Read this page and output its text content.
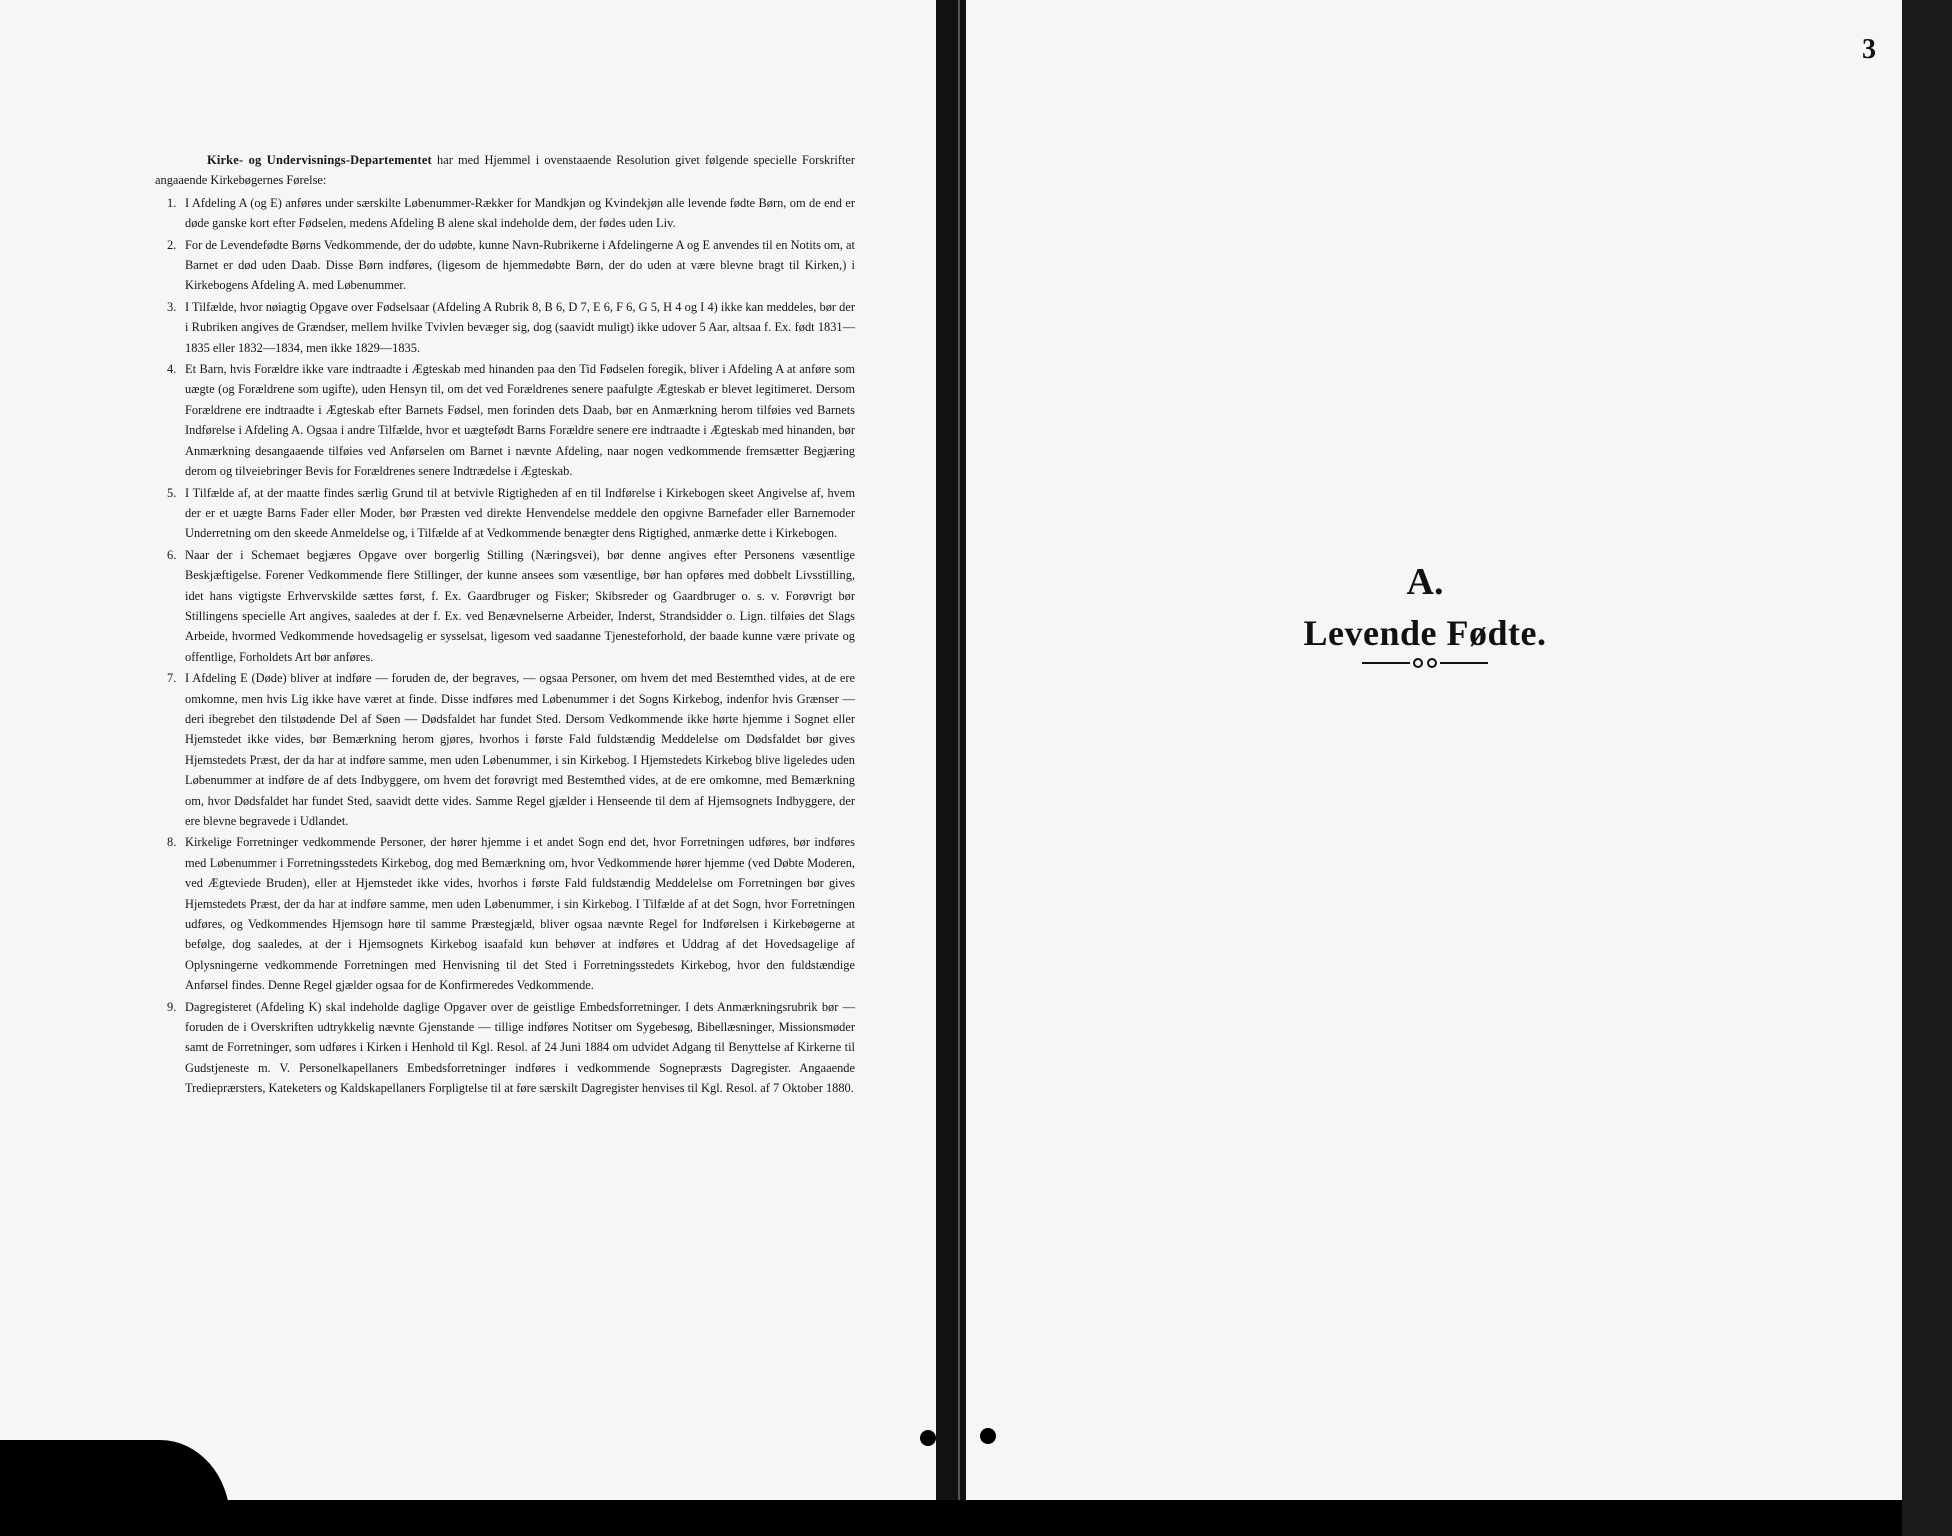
Kirke- og Undervisnings-Departementet har med Hjemmel i ovenstaaende Resolution givet følgende specielle Forskrifter angaaende Kirkebøgernes Førelse:

1. I Afdeling A (og E) anføres under særskilte Løbenummer-Rækker for Mandkjøn og Kvindekjøn alle levende fødte Børn, om de end er døde ganske kort efter Fødselen, medens Afdeling B alene skal indeholde dem, der fødes uden Liv.
2. For de Levendefødte Børns Vedkommende, der do udøbte, kunne Navn-Rubrikerne i Afdelingerne A og E anvendes til en Notits om, at Barnet er død uden Daab. Disse Børn indføres, (ligesom de hjemmedøbte Børn, der do uden at være blevne bragt til Kirken,) i Kirkebogens Afdeling A. med Løbenummer.
3. I Tilfælde, hvor nøiagtig Opgave over Fødselsaar (Afdeling A Rubrik 8, B 6, D 7, E 6, F 6, G 5, H 4 og I 4) ikke kan meddeles, bør der i Rubriken angives de Grændser, mellem hvilke Tvivlen bevæger sig, dog (saavidt muligt) ikke udover 5 Aar, altsaa f. Ex. født 1831—1835 eller 1832—1834, men ikke 1829—1835.
4. Et Barn, hvis Forældre ikke vare indtraadte i Ægteskab med hinanden paa den Tid Fødselen foregik, bliver i Afdeling A at anføre som uægte (og Forældrene som ugifte), uden Hensyn til, om det ved Forældrenes senere paafulgte Ægteskab er blevet legitimeret. Dersom Forældrene ere indtraadte i Ægteskab efter Barnets Fødsel, men forinden dets Daab, bør en Anmærkning herom tilføies ved Barnets Indførelse i Afdeling A. Ogsaa i andre Tilfælde, hvor et uægtefødt Barns Forældre senere ere indtraadte i Ægteskab med hinanden, bør Anmærkning desangaaende tilføies ved Anførselen om Barnet i nævnte Afdeling, naar nogen vedkommende fremsætter Begjæring derom og tilveiebringer Bevis for Forældrenes senere Indtrædelse i Ægteskab.
5. I Tilfælde af, at der maatte findes særlig Grund til at betvivle Rigtigheden af en til Indførelse i Kirkebogen skeet Angivelse af, hvem der er et uægte Barns Fader eller Moder, bør Præsten ved direkte Henvendelse meddele den opgivne Barnefader eller Barnemoder Underretning om den skeede Anmeldelse og, i Tilfælde af at Vedkommende benægter dens Rigtighed, anmærke dette i Kirkebogen.
6. Naar der i Schemaet begjæres Opgave over borgerlig Stilling (Næringsvei), bør denne angives efter Personens væsentlige Beskjæftigelse. Forener Vedkommende flere Stillinger, der kunne ansees som væsentlige, bør han opføres med dobbelt Livsstilling, idet hans vigtigste Erhvervskilde sættes først, f. Ex. Gaardbruger og Fisker; Skibsreder og Gaardbruger o. s. v. Forøvrigt bør Stillingens specielle Art angives, saaledes at der f. Ex. ved Benævnelserne Arbeider, Inderst, Strandsidder o. Lign. tilføies det Slags Arbeide, hvormed Vedkommende hovedsagelig er sysselsat, ligesom ved saadanne Tjenesteforhold, der baade kunne være private og offentlige, Forholdets Art bør anføres.
7. I Afdeling E (Døde) bliver at indføre — foruden de, der begraves, — ogsaa Personer, om hvem det med Bestemthed vides, at de ere omkomne, men hvis Lig ikke have været at finde. Disse indføres med Løbenummer i det Sogns Kirkebog, indenfor hvis Grænser — deri ibegrebet den tilstødende Del af Søen — Dødsfaldet har fundet Sted. Dersom Vedkommende ikke hørte hjemme i Sognet eller Hjemstedet ikke vides, bør Bemærkning herom gjøres, hvorhos i første Fald fuldstændig Meddelelse om Dødsfaldet bør gives Hjemstedets Præst, der da har at indføre samme, men uden Løbenummer, i sin Kirkebog. I Hjemstedets Kirkebog blive ligeledes uden Løbenummer at indføre de af dets Indbyggere, om hvem det forøvrigt med Bestemthed vides, at de ere omkomne, med Bemærkning om, hvor Dødsfaldet har fundet Sted, saavidt dette vides. Samme Regel gjælder i Henseende til dem af Hjemsognets Indbyggere, der ere blevne begravede i Udlandet.
8. Kirkelige Forretninger vedkommende Personer, der hører hjemme i et andet Sogn end det, hvor Forretningen udføres, bør indføres med Løbenummer i Forretningsstedets Kirkebog, dog med Bemærkning om, hvor Vedkommende hører hjemme (ved Døbte Moderen, ved Ægteviede Bruden), eller at Hjemstedet ikke vides, hvorhos i første Fald fuldstændig Meddelelse om Forretningen bør gives Hjemstedets Præst, der da har at indføre samme, men uden Løbenummer, i sin Kirkebog. I Tilfælde af at det Sogn, hvor Forretningen udføres, og Vedkommendes Hjemsogn høre til samme Præstegjæld, bliver ogsaa nævnte Regel for Indførelsen i Kirkebøgerne at befølge, dog saaledes, at der i Hjemsognets Kirkebog isaafald kun behøver at indføres et Uddrag af det Hovedsagelige af Oplysningerne vedkommende Forretningen med Henvisning til det Sted i Forretningsstedets Kirkebog, hvor den fuldstændige Anførsel findes. Denne Regel gjælder ogsaa for de Konfirmeredes Vedkommende.
9. Dagregisteret (Afdeling K) skal indeholde daglige Opgaver over de geistlige Embedsforretninger. I dets Anmærkningsrubrik bør — foruden de i Overskriften udtrykkelig nævnte Gjenstande — tillige indføres Notitser om Sygebesøg, Bibellæsninger, Missionsmøder samt de Forretninger, som udføres i Kirken i Henhold til Kgl. Resol. af 24 Juni 1884 om udvidet Adgang til Benyttelse af Kirkerne til Gudstjeneste m. V. Personelkapellaners Embedsforretninger indføres i vedkommende Sognepræsts Dagregister. Angaaende Tredieprærsters, Kateketers og Kaldskapellaners Forpligtelse til at føre særskilt Dagregister henvises til Kgl. Resol. af 7 Oktober 1880.
3
A.
Levende Fødte.
